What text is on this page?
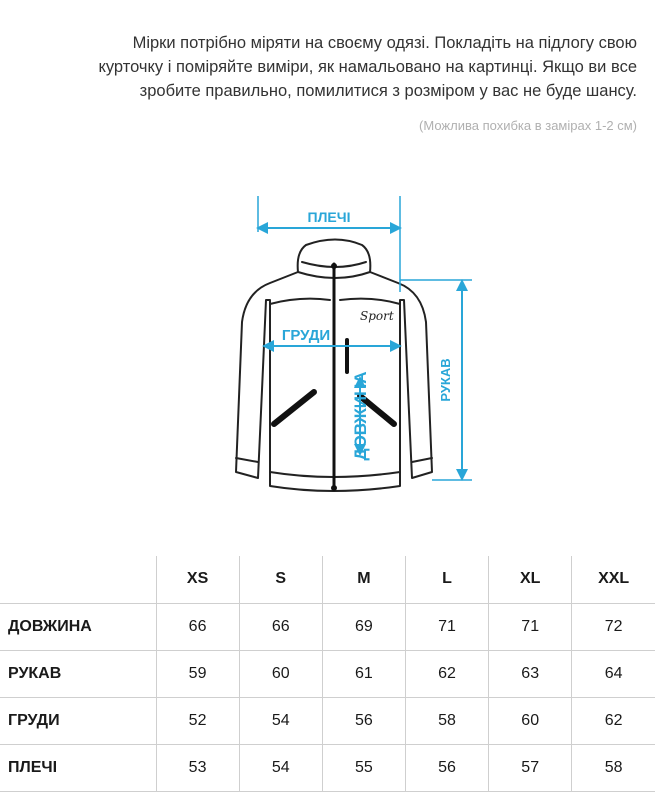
Мірки потрібно міряти на своєму одязі. Покладіть на підлогу свою

курточку і поміряйте виміри, як намальовано на картинці. Якщо ви все

зробите правильно, помилитися з розміром у вас не буде шансу.

(Можлива похибка в замірах 1-2 см)
Sport
ПЛЕЧІ
ГРУДИ
ДОВЖИНА	РУКАВ
	XS	S	M	L	XL	XXL
ДОВЖИНА	66	66	69	71	71	72
РУКАВ	59	60	61	62	63	64
ГРУДИ	52	54	56	58	60	62
ПЛЕЧІ	53	54	55	56	57	58
